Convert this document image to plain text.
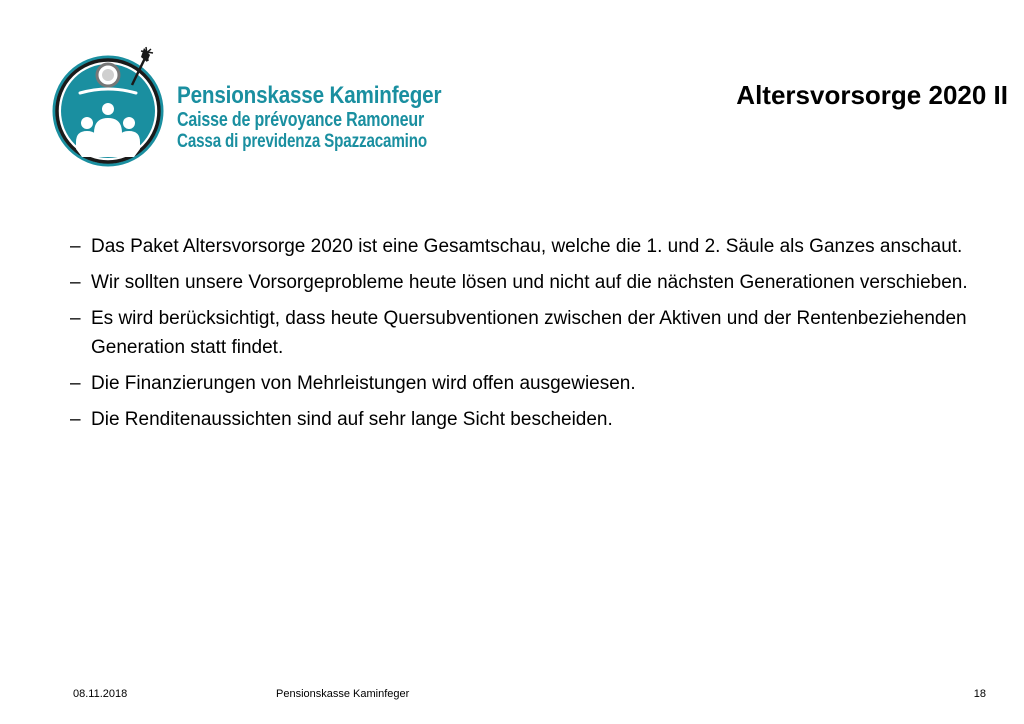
Pensionskasse Kaminfeger
Caisse de prévoyance Ramoneur
Cassa di previdenza Spazzacamino
Altersvorsorge 2020 II
– Das Paket Altersvorsorge 2020 ist eine Gesamtschau, welche die 1. und 2. Säule als Ganzes anschaut.
– Wir sollten unsere Vorsorgeprobleme heute lösen und nicht auf die nächsten Generationen verschieben.
– Es wird berücksichtigt, dass heute Quersubventionen zwischen der Aktiven und der Rentenbeziehenden Generation statt findet.
– Die Finanzierungen von Mehrleistungen wird offen ausgewiesen.
– Die Renditenaussichten sind auf sehr lange Sicht bescheiden.
08.11.2018	Pensionskasse Kaminfeger	18
